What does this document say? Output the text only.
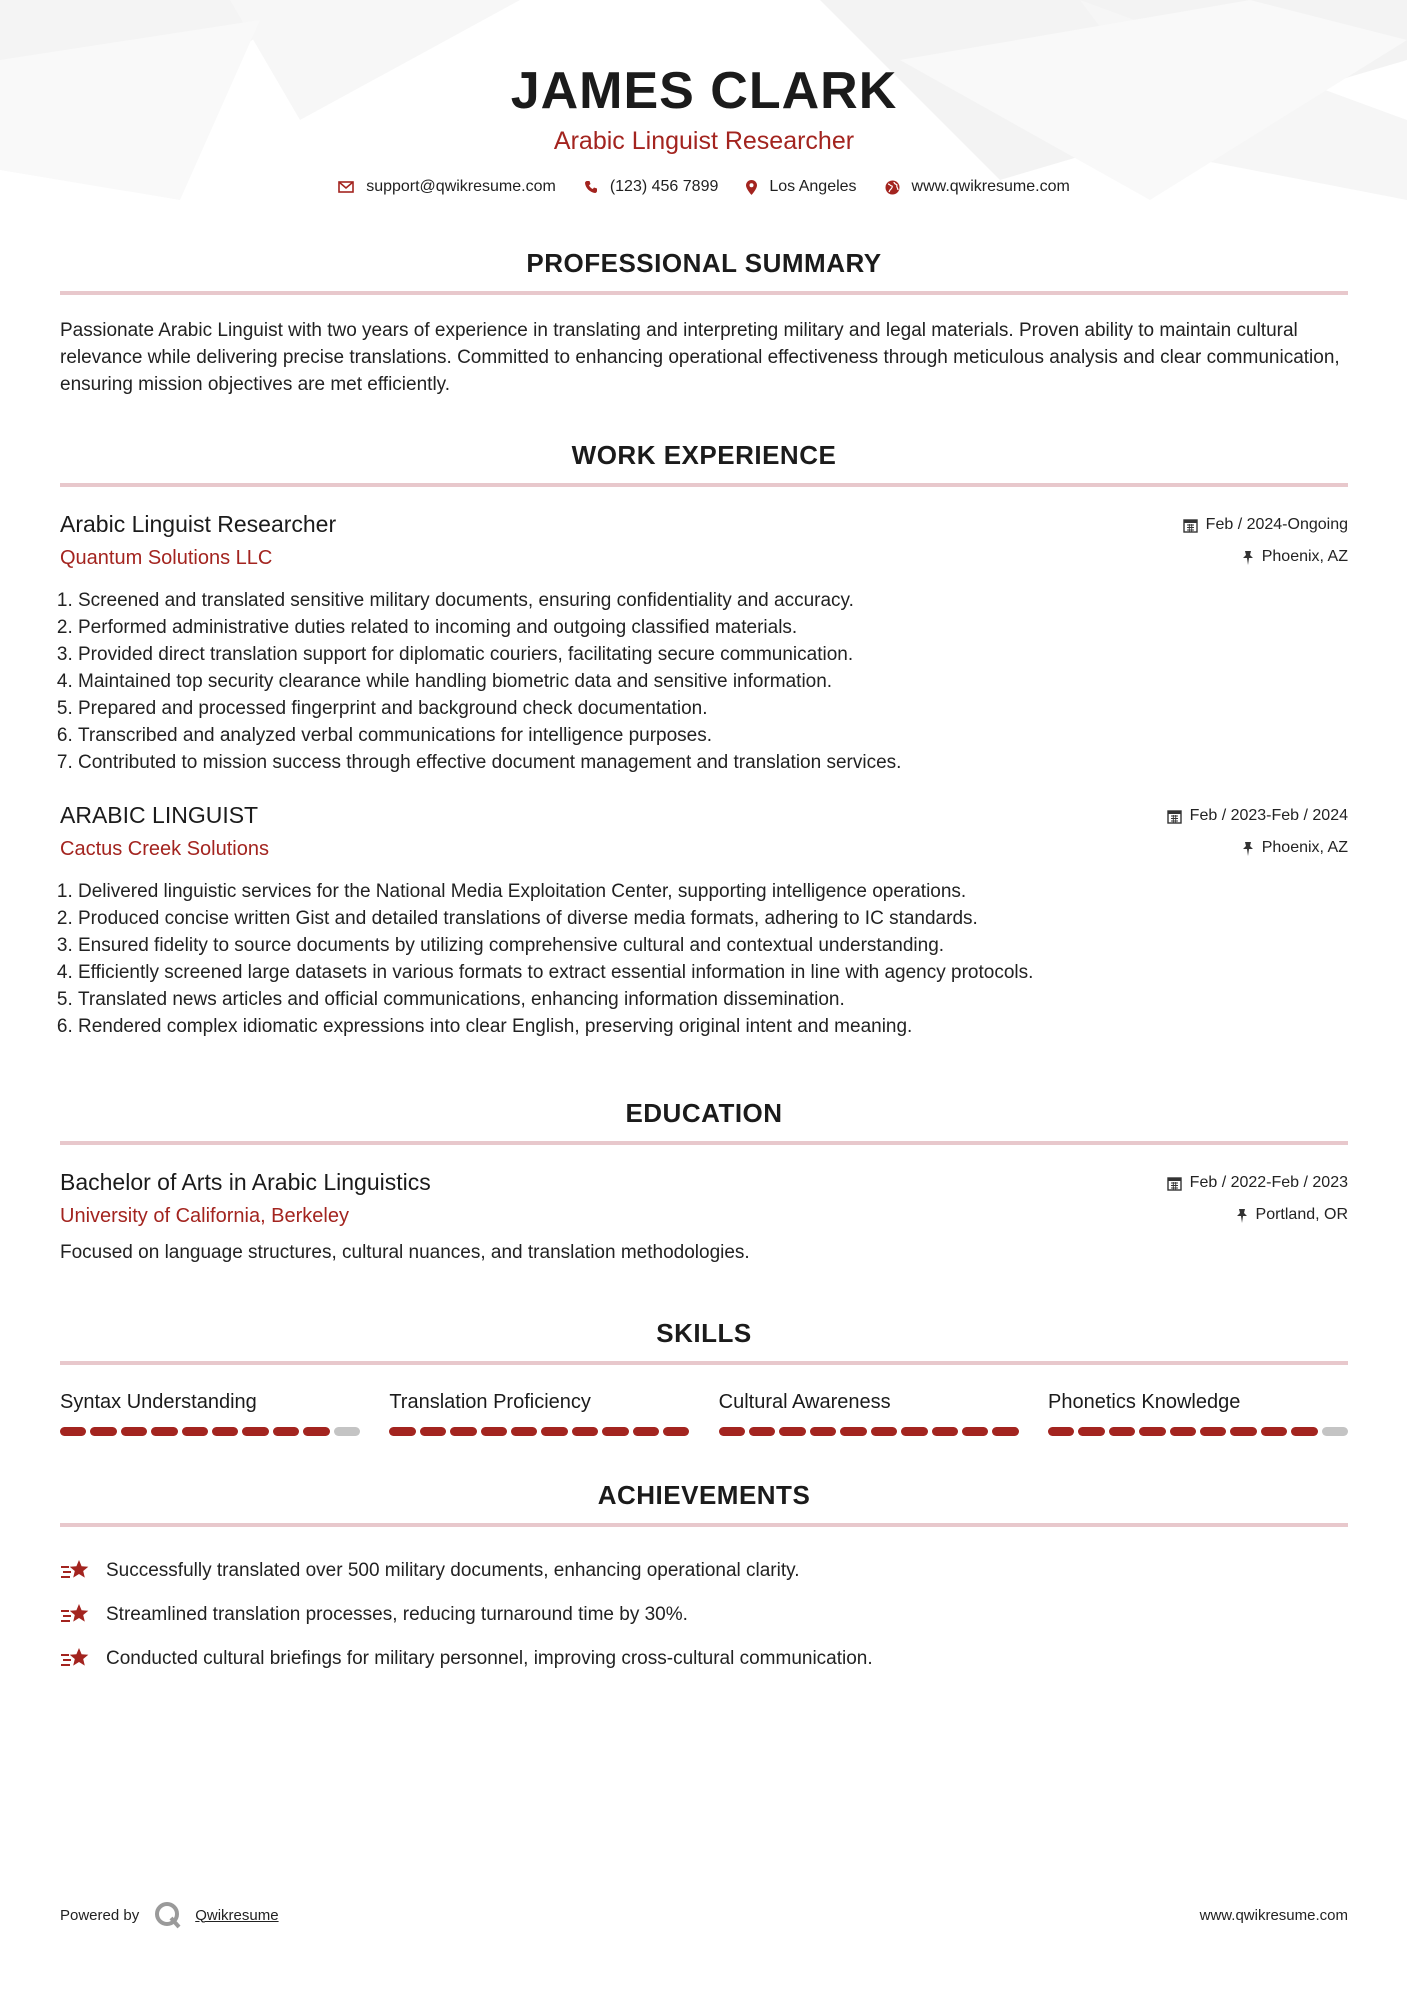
JAMES CLARK
Arabic Linguist Researcher
support@qwikresume.com	(123) 456 7899	Los Angeles	www.qwikresume.com
PROFESSIONAL SUMMARY
Passionate Arabic Linguist with two years of experience in translating and interpreting military and legal materials. Proven ability to maintain cultural relevance while delivering precise translations. Committed to enhancing operational effectiveness through meticulous analysis and clear communication, ensuring mission objectives are met efficiently.
WORK EXPERIENCE
Arabic Linguist Researcher
Quantum Solutions LLC
Feb / 2024-Ongoing
Phoenix, AZ
1. Screened and translated sensitive military documents, ensuring confidentiality and accuracy.
2. Performed administrative duties related to incoming and outgoing classified materials.
3. Provided direct translation support for diplomatic couriers, facilitating secure communication.
4. Maintained top security clearance while handling biometric data and sensitive information.
5. Prepared and processed fingerprint and background check documentation.
6. Transcribed and analyzed verbal communications for intelligence purposes.
7. Contributed to mission success through effective document management and translation services.
ARABIC LINGUIST
Cactus Creek Solutions
Feb / 2023-Feb / 2024
Phoenix, AZ
1. Delivered linguistic services for the National Media Exploitation Center, supporting intelligence operations.
2. Produced concise written Gist and detailed translations of diverse media formats, adhering to IC standards.
3. Ensured fidelity to source documents by utilizing comprehensive cultural and contextual understanding.
4. Efficiently screened large datasets in various formats to extract essential information in line with agency protocols.
5. Translated news articles and official communications, enhancing information dissemination.
6. Rendered complex idiomatic expressions into clear English, preserving original intent and meaning.
EDUCATION
Bachelor of Arts in Arabic Linguistics
University of California, Berkeley
Feb / 2022-Feb / 2023
Portland, OR
Focused on language structures, cultural nuances, and translation methodologies.
SKILLS
Syntax Understanding	Translation Proficiency	Cultural Awareness	Phonetics Knowledge
ACHIEVEMENTS
Successfully translated over 500 military documents, enhancing operational clarity.
Streamlined translation processes, reducing turnaround time by 30%.
Conducted cultural briefings for military personnel, improving cross-cultural communication.
Powered by	Qwikresume	www.qwikresume.com
